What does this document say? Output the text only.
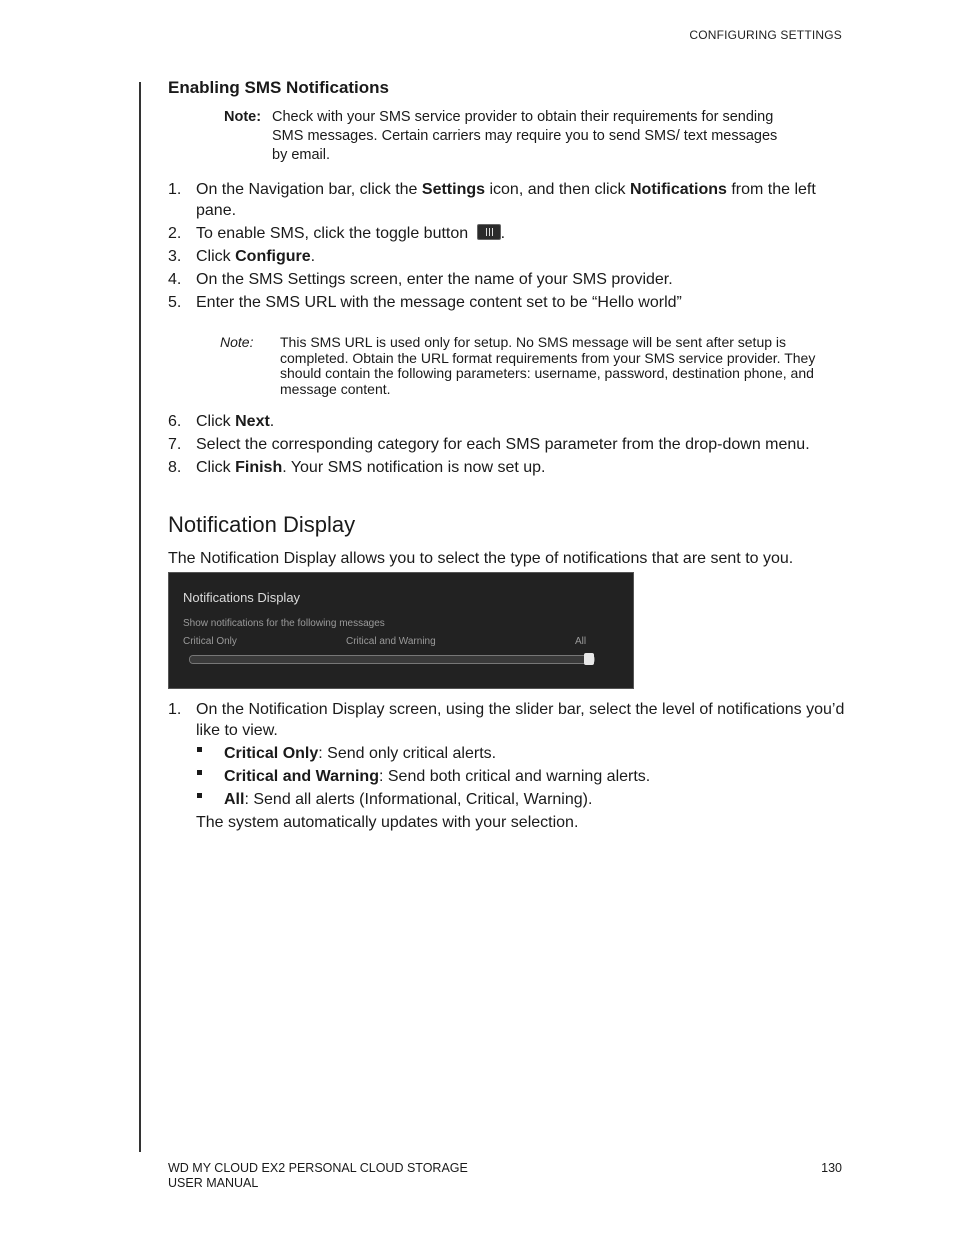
CONFIGURING SETTINGS
Enabling SMS Notifications
Note: Check with your SMS service provider to obtain their requirements for sending SMS messages. Certain carriers may require you to send SMS/ text messages by email.
1. On the Navigation bar, click the Settings icon, and then click Notifications from the left pane.
2. To enable SMS, click the toggle button
.
3. Click Configure.
4. On the SMS Settings screen, enter the name of your SMS provider.
5. Enter the SMS URL with the message content set to be “Hello world”
Note:	This SMS URL is used only for setup. No SMS message will be sent after setup is completed. Obtain the URL format requirements from your SMS service provider. They should contain the following parameters: username, password, destination phone, and message content.
6. Click Next.
7. Select the corresponding category for each SMS parameter from the drop-down menu.
8. Click Finish. Your SMS notification is now set up.
Notification Display

The Notification Display allows you to select the type of notifications that are sent to you.

Notifications Display
Show notifications for the following messages
Critical Only	Critical and Warning	All
1. On the Notification Display screen, using the slider bar, select the level of notifications you’d like to view.
Critical Only: Send only critical alerts.
Critical and Warning: Send both critical and warning alerts.
All: Send all alerts (Informational, Critical, Warning).

The system automatically updates with your selection.

WD MY CLOUD EX2 PERSONAL CLOUD STORAGE
USER MANUAL
130
